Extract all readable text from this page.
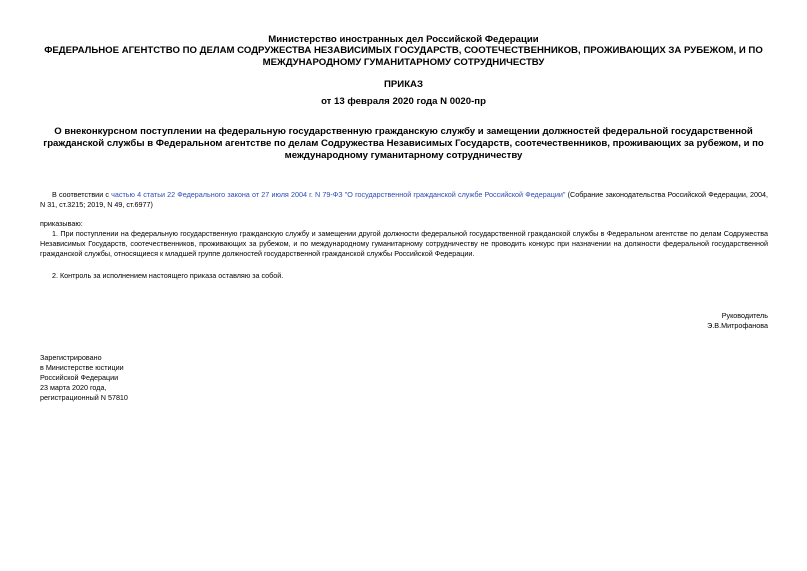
Министерство иностранных дел Российской Федерации
ФЕДЕРАЛЬНОЕ АГЕНТСТВО ПО ДЕЛАМ СОДРУЖЕСТВА НЕЗАВИСИМЫХ ГОСУДАРСТВ, СООТЕЧЕСТВЕННИКОВ, ПРОЖИВАЮЩИХ ЗА РУБЕЖОМ, И ПО МЕЖДУНАРОДНОМУ ГУМАНИТАРНОМУ СОТРУДНИЧЕСТВУ
ПРИКАЗ
от 13 февраля 2020 года N 0020-пр
О внеконкурсном поступлении на федеральную государственную гражданскую службу и замещении должностей федеральной государственной гражданской службы в Федеральном агентстве по делам Содружества Независимых Государств, соотечественников, проживающих за рубежом, и по международному гуманитарному сотрудничеству
В соответствии с частью 4 статьи 22 Федерального закона от 27 июля 2004 г. N 79-ФЗ "О государственной гражданской службе Российской Федерации" (Собрание законодательства Российской Федерации, 2004, N 31, ст.3215; 2019, N 49, ст.6977)
приказываю:
1. При поступлении на федеральную государственную гражданскую службу и замещении другой должности федеральной государственной гражданской службы в Федеральном агентстве по делам Содружества Независимых Государств, соотечественников, проживающих за рубежом, и по международному гуманитарному сотрудничеству не проводить конкурс при назначении на должности федеральной государственной гражданской службы, относящиеся к младшей группе должностей государственной гражданской службы Российской Федерации.
2. Контроль за исполнением настоящего приказа оставляю за собой.
Руководитель
Э.В.Митрофанова
Зарегистрировано
в Министерстве юстиции
Российской Федерации
23 марта 2020 года,
регистрационный N 57810
